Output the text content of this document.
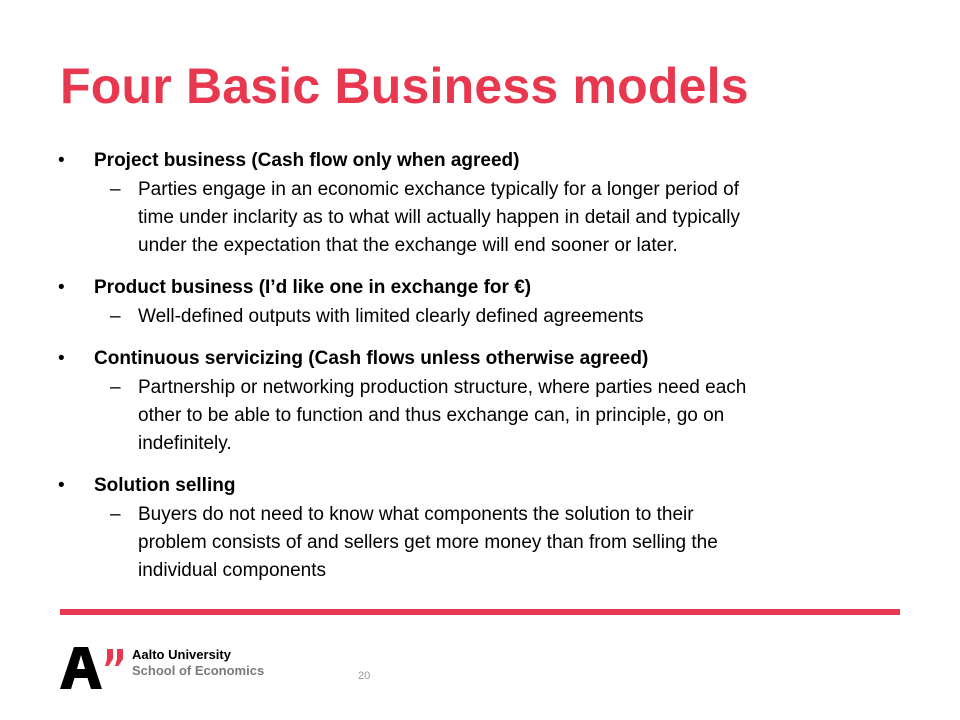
Four Basic Business models
•	Project business (Cash flow only when agreed)
– Parties engage in an economic exchance typically for a longer period of
time under inclarity as to what will actually happen in detail and typically
under the expectation that the exchange will end sooner or later.
•	Product business (I’d like one in exchange for €)
– Well-defined outputs with limited clearly defined agreements
•	Continuous servicizing (Cash flows unless otherwise agreed)
– Partnership or networking production structure, where parties need each
other to be able to function and thus exchange can, in principle, go on
indefinitely.
•	Solution selling
– Buyers do not need to know what components the solution to their
problem consists of and sellers get more money than from selling the
individual components
Aalto University
School of Economics	20
